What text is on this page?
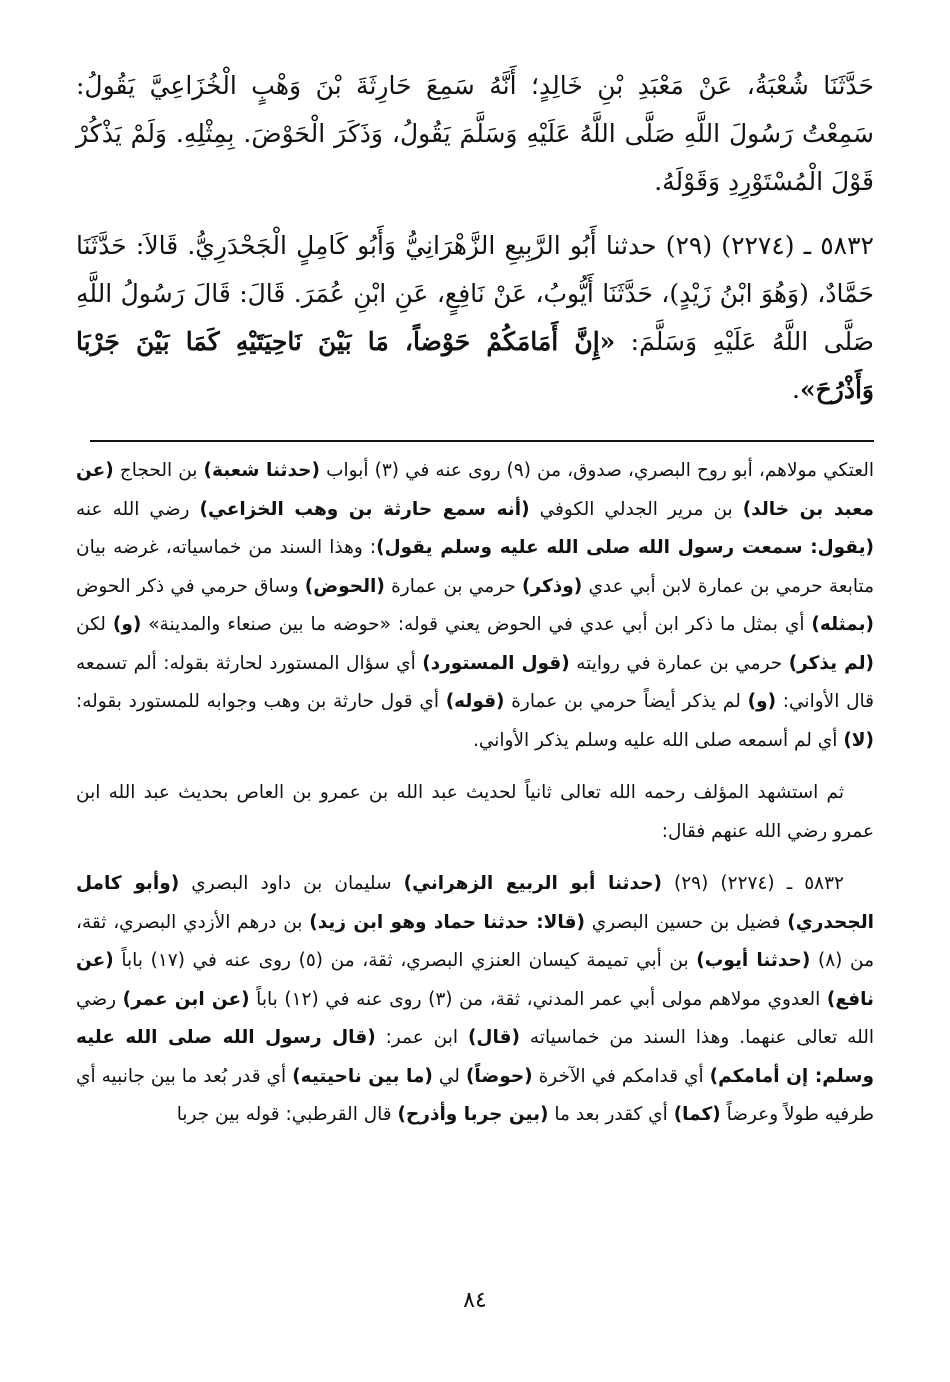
حَدَّثَنَا شُعْبَةُ، عَنْ مَعْبَدِ بْنِ خَالِدٍ؛ أَنَّهُ سَمِعَ حَارِثَةَ بْنَ وَهْبٍ الْخُزَاعِيَّ يَقُولُ: سَمِعْتُ رَسُولَ اللَّهِ صَلَّى اللَّهُ عَلَيْهِ وَسَلَّمَ يَقُولُ، وَذَكَرَ الْحَوْضَ. بِمِثْلِهِ. وَلَمْ يَذْكُرْ قَوْلَ الْمُسْتَوْرِدِ وَقَوْلَهُ.

٥٨٣٢ ـ (٢٢٧٤) (٢٩) حدثنا أَبُو الرَّبِيعِ الزَّهْرَانِيُّ وَأَبُو كَامِلٍ الْجَحْدَرِيُّ. قَالاَ: حَدَّثَنَا حَمَّادٌ، (وَهُوَ ابْنُ زَيْدٍ)، حَدَّثَنَا أَيُّوبُ، عَنْ نَافِعٍ، عَنِ ابْنِ عُمَرَ. قَالَ: قَالَ رَسُولُ اللَّهِ صَلَّى اللَّهُ عَلَيْهِ وَسَلَّمَ: «إِنَّ أَمَامَكُمْ حَوْضاً، مَا بَيْنَ نَاحِيَتَيْهِ كَمَا بَيْنَ جَرْبَا وَأَذْرُحَ».

العتكي مولاهم، أبو روح البصري، صدوق، من (٩) روى عنه في (٣) أبواب (حدثنا شعبة) بن الحجاج (عن معبد بن خالد) بن مرير الجدلي الكوفي (أنه سمع حارثة بن وهب الخزاعي) رضي الله عنه (يقول: سمعت رسول الله صلى الله عليه وسلم يقول): وهذا السند من خماسياته، غرضه بيان متابعة حرمي بن عمارة لابن أبي عدي (وذكر) حرمي بن عمارة (الحوض) وساق حرمي في ذكر الحوض (بمثله) أي بمثل ما ذكر ابن أبي عدي في الحوض يعني قوله: «حوضه ما بين صنعاء والمدينة» (و) لكن (لم يذكر) حرمي بن عمارة في روايته (قول المستورد) أي سؤال المستورد لحارثة بقوله: ألم تسمعه قال الأواني: (و) لم يذكر أيضاً حرمي بن عمارة (قوله) أي قول حارثة بن وهب وجوابه للمستورد بقوله: (لا) أي لم أسمعه صلى الله عليه وسلم يذكر الأواني.

ثم استشهد المؤلف رحمه الله تعالى ثانياً لحديث عبد الله بن عمرو بن العاص بحديث عبد الله ابن عمرو رضي الله عنهم فقال:

٥٨٣٢ ـ (٢٢٧٤) (٢٩) (حدثنا أبو الربيع الزهراني) سليمان بن داود البصري (وأبو كامل الجحدري) فضيل بن حسين البصري (قالا: حدثنا حماد وهو ابن زيد) بن درهم الأزدي البصري، ثقة، من (٨) (حدثنا أيوب) بن أبي تميمة كيسان العنزي البصري، ثقة، من (٥) روى عنه في (١٧) باباً (عن نافع) العدوي مولاهم مولى أبي عمر المدني، ثقة، من (٣) روى عنه في (١٢) باباً (عن ابن عمر) رضي الله تعالى عنهما. وهذا السند من خماسياته (قال) ابن عمر: (قال رسول الله صلى الله عليه وسلم: إن أمامكم) أي قدامكم في الآخرة (حوضاً) لي (ما بين ناحيتيه) أي قدر بُعد ما بين جانبيه أي طرفيه طولاً وعرضاً (كما) أي كقدر بعد ما (بين جربا وأذرح) قال القرطبي: قوله بين جربا

٨٤
